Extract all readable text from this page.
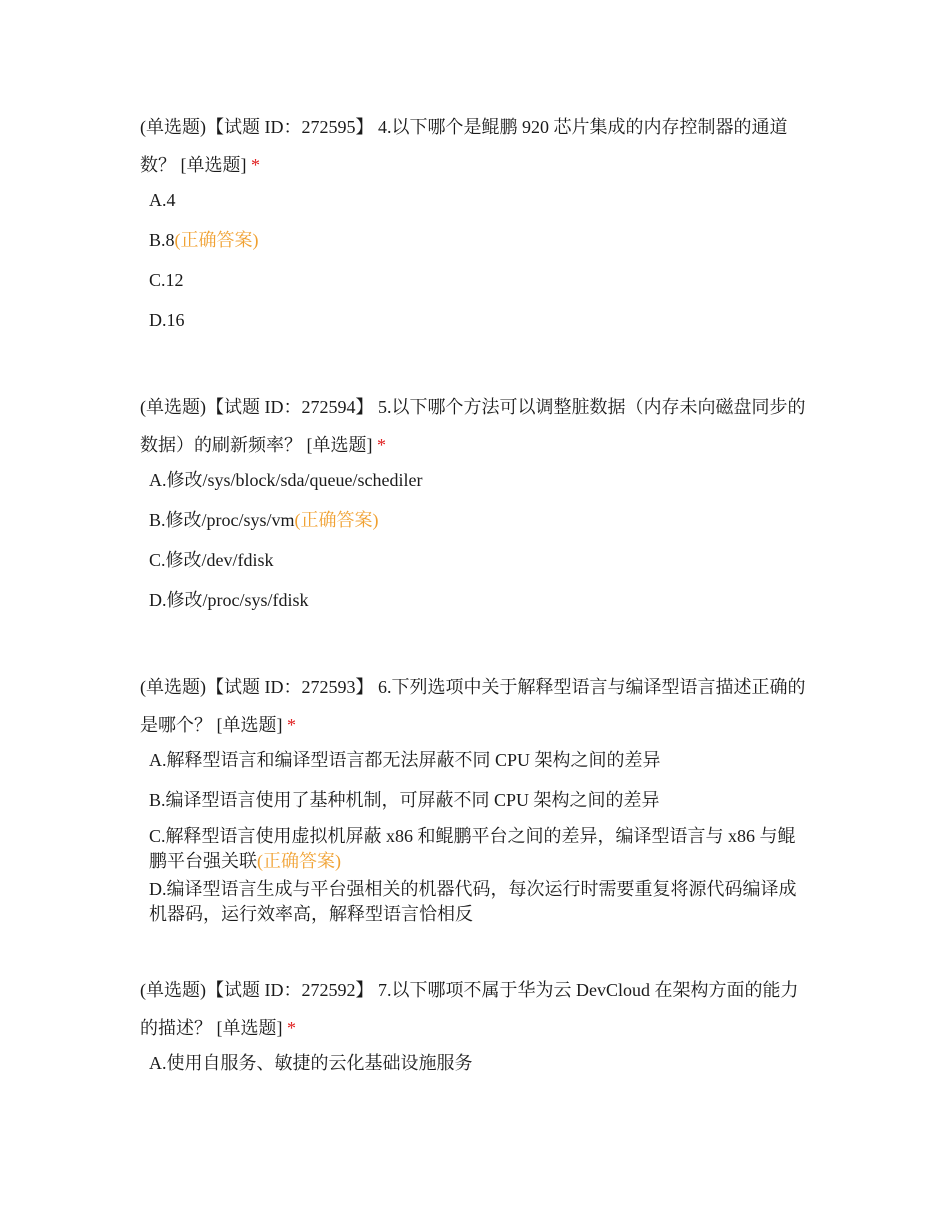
(单选题)【试题 ID：272595】 4.以下哪个是鲲鹏 920 芯片集成的内存控制器的通道数？ [单选题] *

A.4
B.8(正确答案)
C.12
D.16

(单选题)【试题 ID：272594】 5.以下哪个方法可以调整脏数据（内存未向磁盘同步的数据）的刷新频率？ [单选题] *

A.修改/sys/block/sda/queue/schediler
B.修改/proc/sys/vm(正确答案)
C.修改/dev/fdisk
D.修改/proc/sys/fdisk

(单选题)【试题 ID：272593】 6.下列选项中关于解释型语言与编译型语言描述正确的是哪个？ [单选题] *

A.解释型语言和编译型语言都无法屏蔽不同 CPU 架构之间的差异
B.编译型语言使用了基种机制，可屏蔽不同 CPU 架构之间的差异
C.解释型语言使用虚拟机屏蔽 x86 和鲲鹏平台之间的差异，编译型语言与 x86 与鲲鹏平台强关联(正确答案)
D.编译型语言生成与平台强相关的机器代码，每次运行时需要重复将源代码编译成机器码，运行效率高，解释型语言恰相反

(单选题)【试题 ID：272592】 7.以下哪项不属于华为云 DevCloud 在架构方面的能力的描述？ [单选题] *

A.使用自服务、敏捷的云化基础设施服务
